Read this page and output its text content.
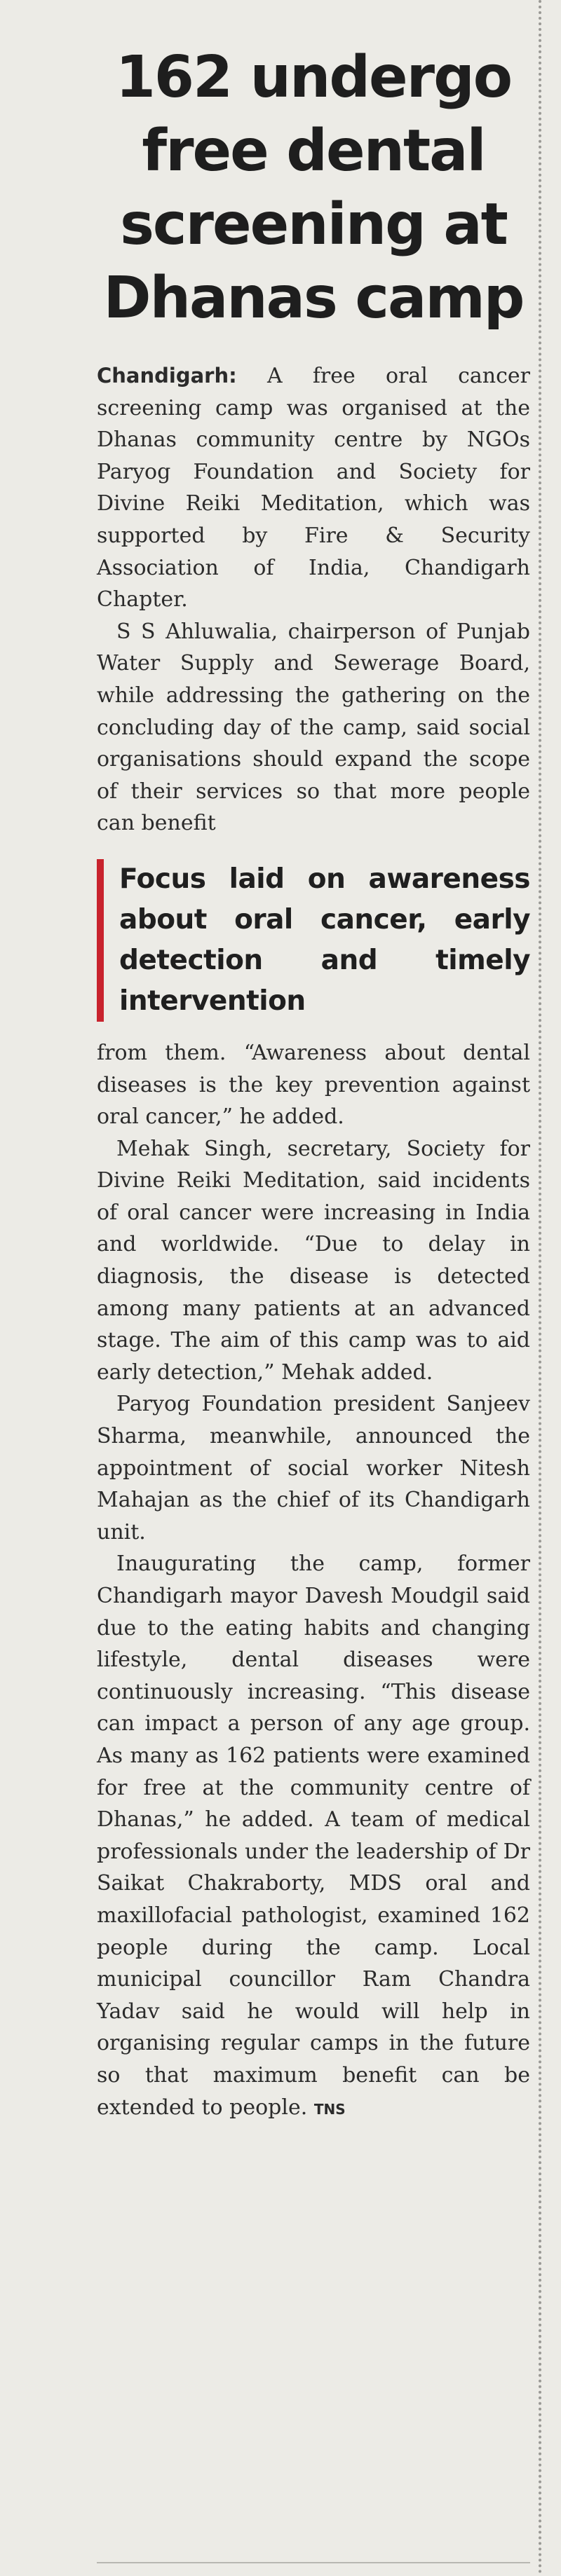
162 undergo free dental screening at Dhanas camp

Chandigarh: A free oral cancer screening camp was organised at the Dhanas community centre by NGOs Paryog Foundation and Society for Divine Reiki Meditation, which was supported by Fire & Security Association of India, Chandigarh Chapter.

S S Ahluwalia, chairperson of Punjab Water Supply and Sewerage Board, while addressing the gathering on the concluding day of the camp, said social organisations should expand the scope of their services so that more people can benefit

Focus laid on awareness about oral cancer, early detection and timely intervention

from them. “Awareness about dental diseases is the key prevention against oral cancer,” he added.

Mehak Singh, secretary, Society for Divine Reiki Meditation, said incidents of oral cancer were increasing in India and worldwide. “Due to delay in diagnosis, the disease is detected among many patients at an advanced stage. The aim of this camp was to aid early detection,” Mehak added.

Paryog Foundation president Sanjeev Sharma, meanwhile, announced the appointment of social worker Nitesh Mahajan as the chief of its Chandigarh unit.

Inaugurating the camp, former Chandigarh mayor Davesh Moudgil said due to the eating habits and changing lifestyle, dental diseases were continuously increasing. “This disease can impact a person of any age group. As many as 162 patients were examined for free at the community centre of Dhanas,” he added. A team of medical professionals under the leadership of Dr Saikat Chakraborty, MDS oral and maxillofacial pathologist, examined 162 people during the camp. Local municipal councillor Ram Chandra Yadav said he would will help in organising regular camps in the future so that maximum benefit can be extended to people. TNS
